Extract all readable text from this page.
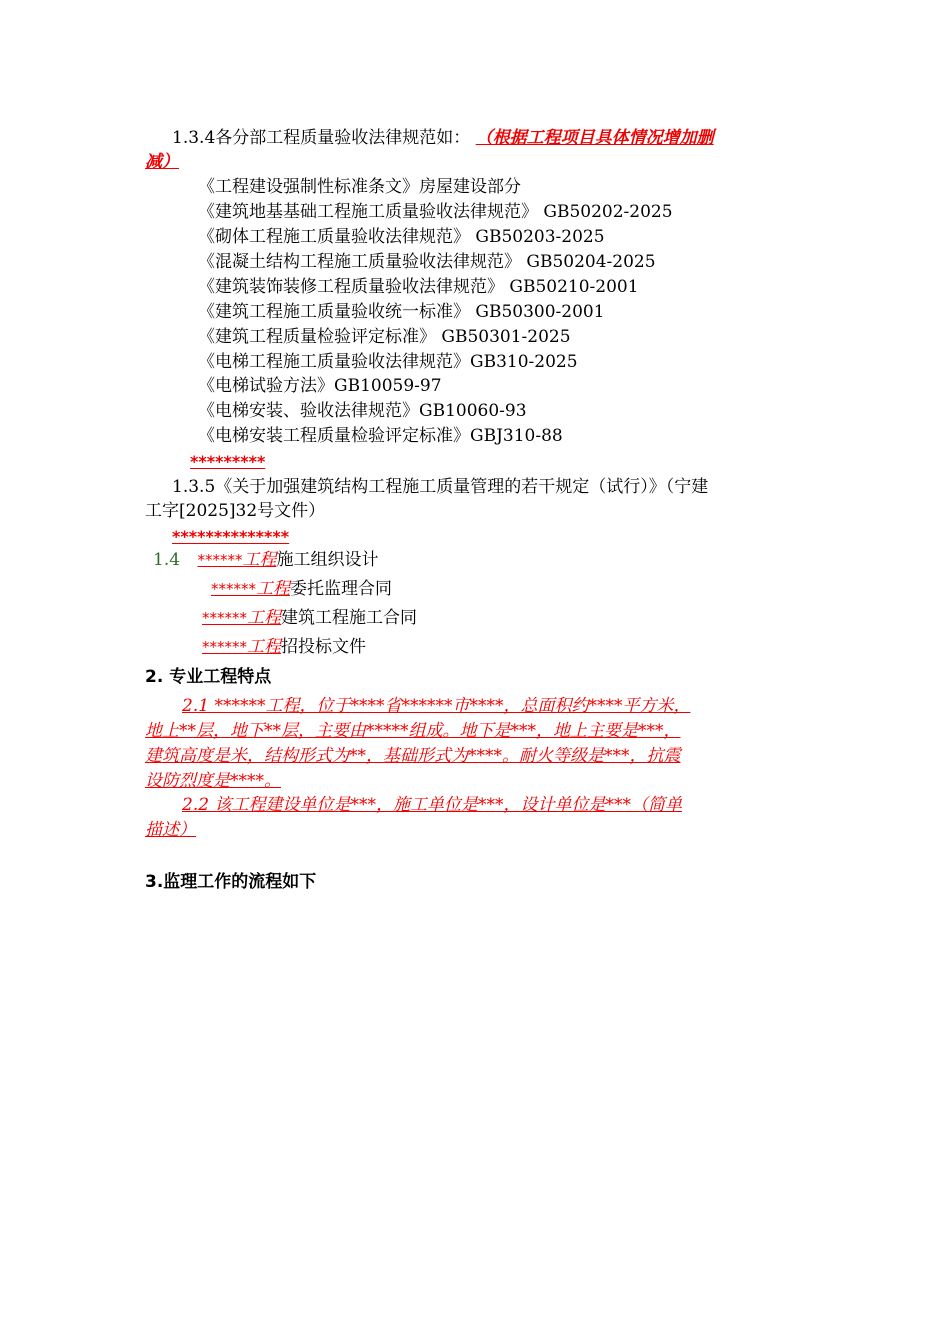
1.3.4各分部工程质量验收法律规范如： （根据工程项目具体情况增加删
减）
《工程建设强制性标准条文》房屋建设部分
《建筑地基基础工程施工质量验收法律规范》 GB50202-2025
《砌体工程施工质量验收法律规范》 GB50203-2025
《混凝土结构工程施工质量验收法律规范》 GB50204-2025
《建筑装饰装修工程质量验收法律规范》 GB50210-2001
《建筑工程施工质量验收统一标准》 GB50300-2001
《建筑工程质量检验评定标准》 GB50301-2025
《电梯工程施工质量验收法律规范》GB310-2025
《电梯试验方法》GB10059-97
《电梯安装、验收法律规范》GB10060-93
《电梯安装工程质量检验评定标准》GBJ310-88
*********
1.3.5《关于加强建筑结构工程施工质量管理的若干规定（试行）》（宁建
工字[2025]32号文件）
**************
1.4 ******工程施工组织设计
******工程委托监理合同
******工程建筑工程施工合同
******工程招投标文件
2. 专业工程特点
2.1 ******工程，位于****省******市****，总面积约****平方米，
地上**层，地下**层，主要由*****组成。地下是***，地上主要是***，
建筑高度是米，结构形式为**，基础形式为****。耐火等级是***，抗震
设防烈度是****。
2.2 该工程建设单位是***，施工单位是***，设计单位是***（简单
描述）
3.监理工作的流程如下
